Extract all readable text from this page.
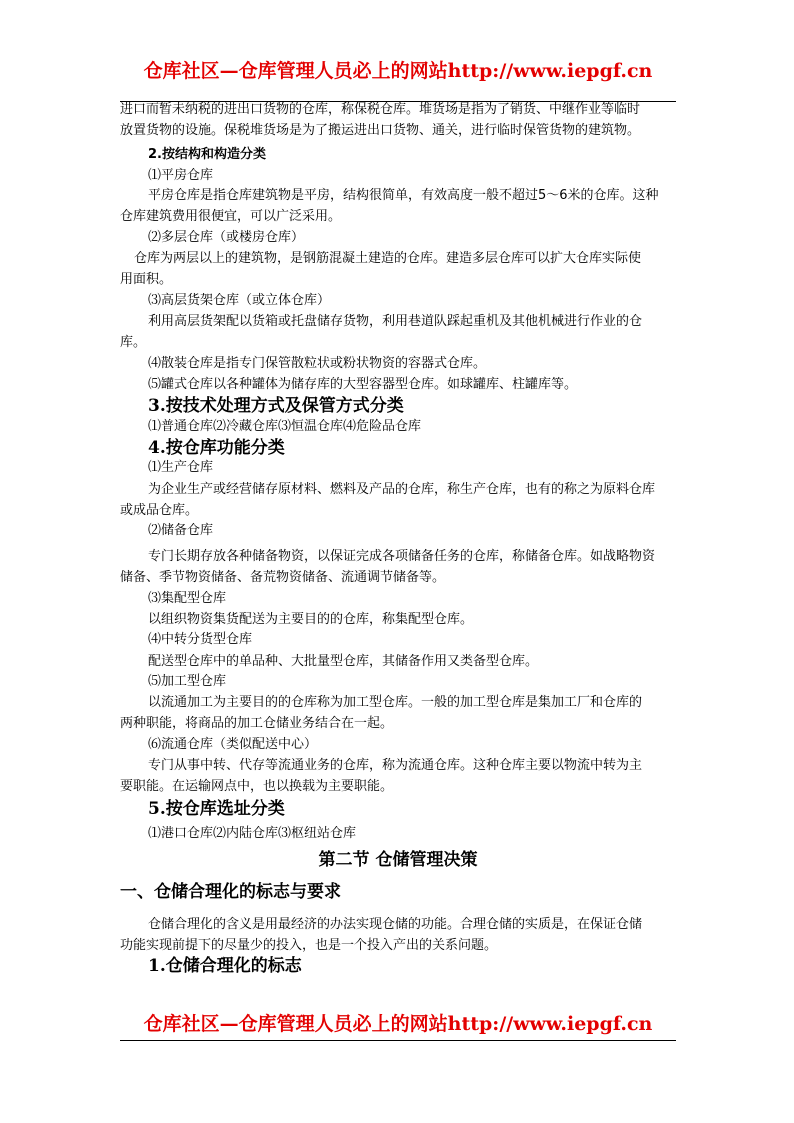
仓库社区—仓库管理人员必上的网站http://www.iepgf.cn
进口而暂未纳税的进出口货物的仓库，称保税仓库。堆货场是指为了销货、中继作业等临时
放置货物的设施。保税堆货场是为了搬运进出口货物、通关，进行临时保管货物的建筑物。
2.按结构和构造分类
⑴平房仓库
平房仓库是指仓库建筑物是平房，结构很简单，有效高度一般不超过5～6米的仓库。这种
仓库建筑费用很便宜，可以广泛采用。
⑵多层仓库（或楼房仓库）
仓库为两层以上的建筑物，是钢筋混凝土建造的仓库。建造多层仓库可以扩大仓库实际使
用面积。
⑶高层货架仓库（或立体仓库）
利用高层货架配以货箱或托盘储存货物，利用巷道队踩起重机及其他机械进行作业的仓
库。
⑷散装仓库是指专门保管散粒状或粉状物资的容器式仓库。
⑸罐式仓库以各种罐体为储存库的大型容器型仓库。如球罐库、柱罐库等。
3.按技术处理方式及保管方式分类
⑴普通仓库⑵冷藏仓库⑶恒温仓库⑷危险品仓库
4.按仓库功能分类
⑴生产仓库
为企业生产或经营储存原材料、燃料及产品的仓库，称生产仓库，也有的称之为原料仓库
或成品仓库。
⑵储备仓库
专门长期存放各种储备物资，以保证完成各项储备任务的仓库，称储备仓库。如战略物资
储备、季节物资储备、备荒物资储备、流通调节储备等。
⑶集配型仓库
以组织物资集货配送为主要目的的仓库，称集配型仓库。
⑷中转分货型仓库
配送型仓库中的单品种、大批量型仓库，其储备作用又类备型仓库。
⑸加工型仓库
以流通加工为主要目的的仓库称为加工型仓库。一般的加工型仓库是集加工厂和仓库的
两种职能，将商品的加工仓储业务结合在一起。
⑹流通仓库（类似配送中心）
专门从事中转、代存等流通业务的仓库，称为流通仓库。这种仓库主要以物流中转为主
要职能。在运输网点中，也以换载为主要职能。
5.按仓库选址分类
⑴港口仓库⑵内陆仓库⑶枢纽站仓库
第二节 仓储管理决策
一、仓储合理化的标志与要求
仓储合理化的含义是用最经济的办法实现仓储的功能。合理仓储的实质是，在保证仓储
功能实现前提下的尽量少的投入，也是一个投入产出的关系问题。
1.仓储合理化的标志
仓库社区—仓库管理人员必上的网站http://www.iepgf.cn
